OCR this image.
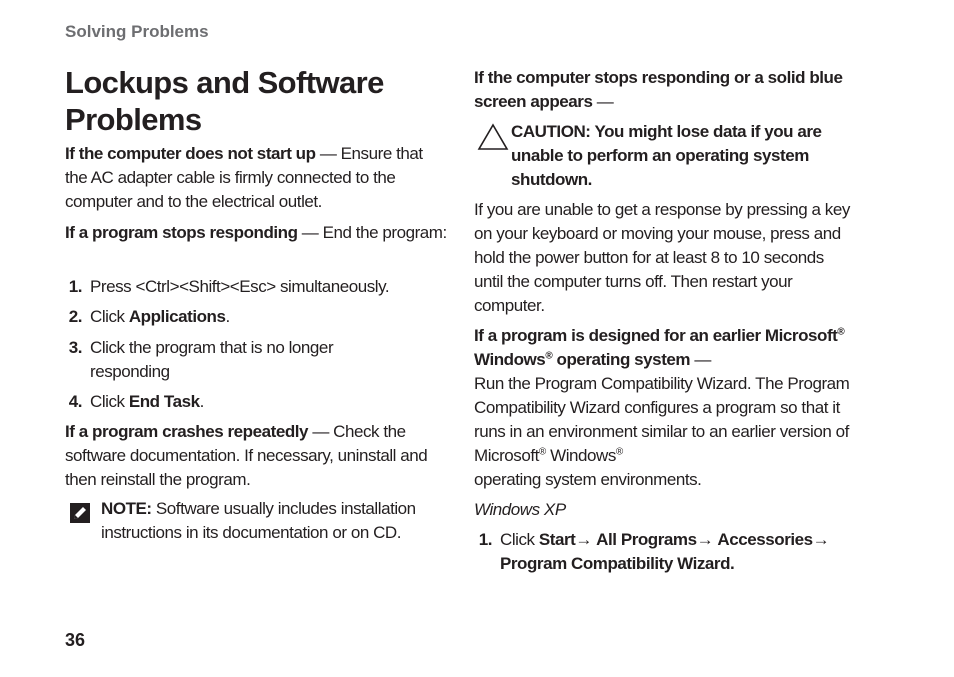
Solving Problems
Lockups and Software Problems

If the computer does not start up — Ensure that the AC adapter cable is firmly connected to the computer and to the electrical outlet.

If a program stops responding — End the program:

1. Press <Ctrl><Shift><Esc> simultaneously.
2. Click Applications.
3. Click the program that is no longer responding
4. Click End Task.

If a program crashes repeatedly — Check the software documentation. If necessary, uninstall and then reinstall the program.

NOTE: Software usually includes installation instructions in its documentation or on CD.

If the computer stops responding or a solid blue screen appears —

CAUTION: You might lose data if you are unable to perform an operating system shutdown.

If you are unable to get a response by pressing a key on your keyboard or moving your mouse, press and hold the power button for at least 8 to 10 seconds until the computer turns off. Then restart your computer.

If a program is designed for an earlier Microsoft® Windows® operating system —
Run the Program Compatibility Wizard. The Program Compatibility Wizard configures a program so that it runs in an environment similar to an earlier version of Microsoft® Windows®
operating system environments.

Windows XP

1. Click Start→ All Programs→ Accessories→
Program Compatibility Wizard.
36
